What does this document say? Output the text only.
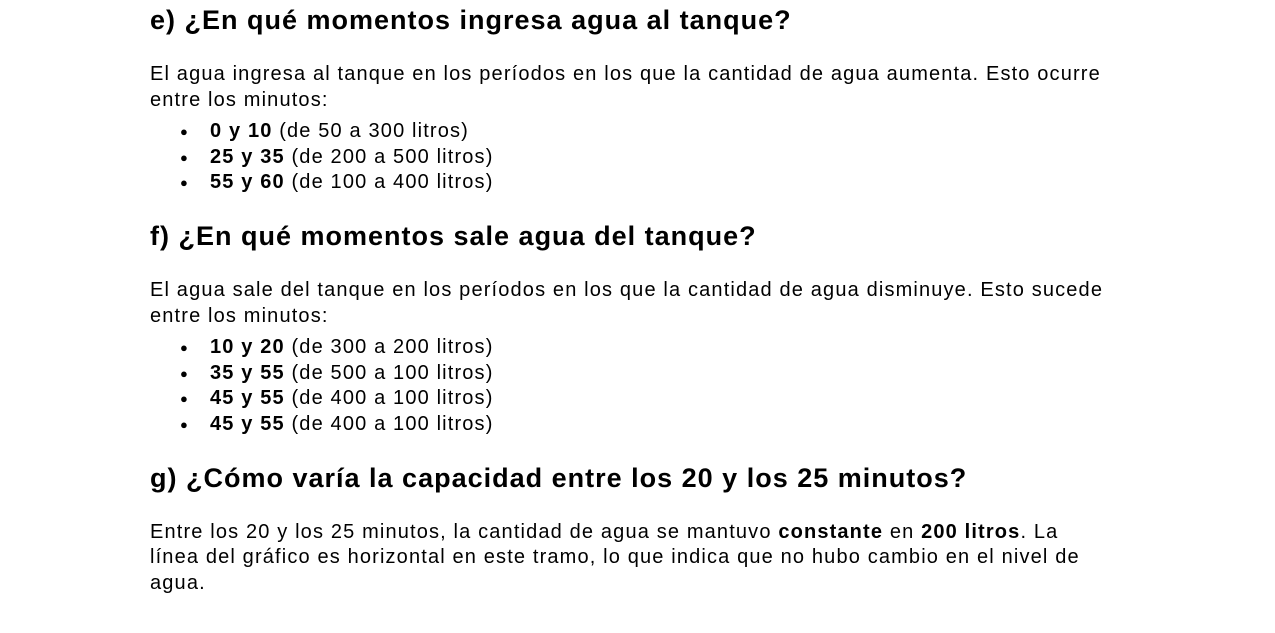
e) ¿En qué momentos ingresa agua al tanque?

El agua ingresa al tanque en los períodos en los que la cantidad de agua aumenta. Esto ocurre entre los minutos:

● 0 y 10 (de 50 a 300 litros)
● 25 y 35 (de 200 a 500 litros)
● 55 y 60 (de 100 a 400 litros)
f) ¿En qué momentos sale agua del tanque?

El agua sale del tanque en los períodos en los que la cantidad de agua disminuye. Esto sucede entre los minutos:

● 10 y 20 (de 300 a 200 litros)
● 35 y 55 (de 500 a 100 litros)
● 45 y 55 (de 400 a 100 litros)
● 45 y 55 (de 400 a 100 litros)
g) ¿Cómo varía la capacidad entre los 20 y los 25 minutos?

Entre los 20 y los 25 minutos, la cantidad de agua se mantuvo constante en 200 litros. La línea del gráfico es horizontal en este tramo, lo que indica que no hubo cambio en el nivel de agua.
